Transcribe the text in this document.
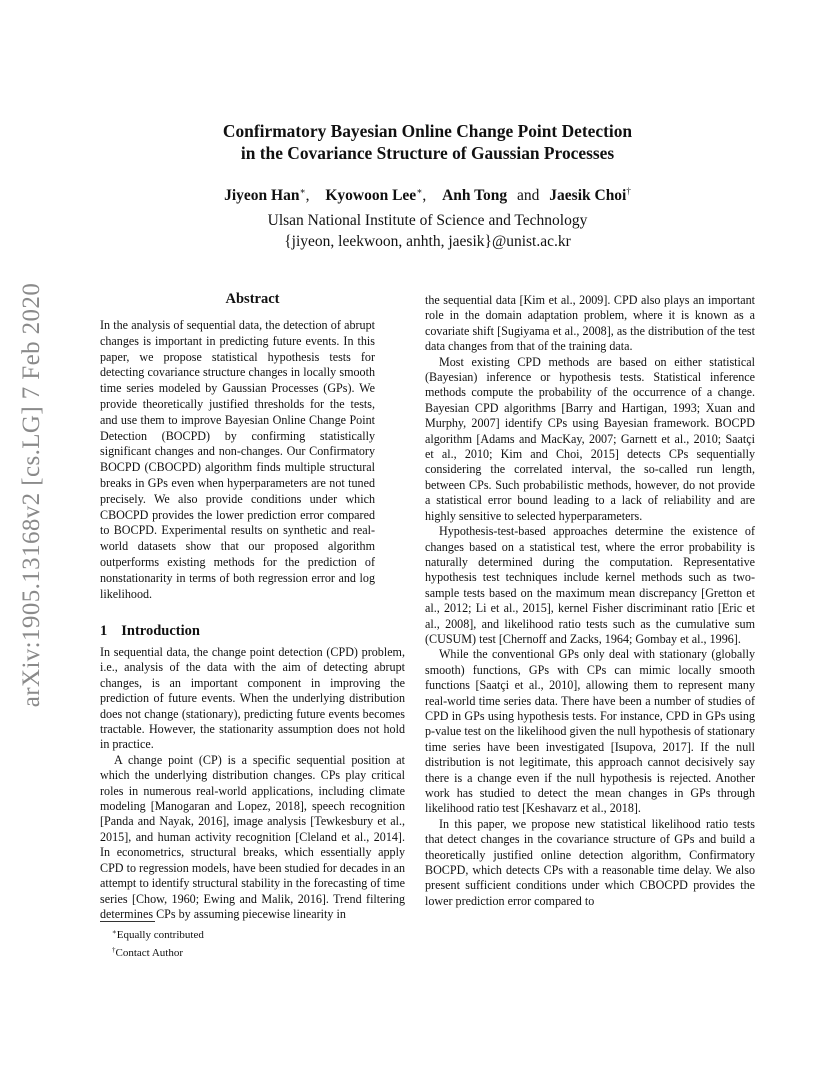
arXiv:1905.13168v2 [cs.LG] 7 Feb 2020
Confirmatory Bayesian Online Change Point Detection
in the Covariance Structure of Gaussian Processes
Jiyeon Han∗, Kyowoon Lee∗, Anh Tong and Jaesik Choi†
Ulsan National Institute of Science and Technology
{jiyeon, leekwoon, anhth, jaesik}@unist.ac.kr
Abstract
In the analysis of sequential data, the detection of abrupt changes is important in predicting future events. In this paper, we propose statistical hypothesis tests for detecting covariance structure changes in locally smooth time series modeled by Gaussian Processes (GPs). We provide theoretically justified thresholds for the tests, and use them to improve Bayesian Online Change Point Detection (BOCPD) by confirming statistically significant changes and non-changes. Our Confirmatory BOCPD (CBOCPD) algorithm finds multiple structural breaks in GPs even when hyperparameters are not tuned precisely. We also provide conditions under which CBOCPD provides the lower prediction error compared to BOCPD. Experimental results on synthetic and real-world datasets show that our proposed algorithm outperforms existing methods for the prediction of nonstationarity in terms of both regression error and log likelihood.
1 Introduction

In sequential data, the change point detection (CPD) problem, i.e., analysis of the data with the aim of detecting abrupt changes, is an important component in improving the prediction of future events. When the underlying distribution does not change (stationary), predicting future events becomes tractable. However, the stationarity assumption does not hold in practice.

A change point (CP) is a specific sequential position at which the underlying distribution changes. CPs play critical roles in numerous real-world applications, including climate modeling [Manogaran and Lopez, 2018], speech recognition [Panda and Nayak, 2016], image analysis [Tewkesbury et al., 2015], and human activity recognition [Cleland et al., 2014]. In econometrics, structural breaks, which essentially apply CPD to regression models, have been studied for decades in an attempt to identify structural stability in the forecasting of time series [Chow, 1960; Ewing and Malik, 2016]. Trend filtering determines CPs by assuming piecewise linearity in

∗Equally contributed
†Contact Author

the sequential data [Kim et al., 2009]. CPD also plays an important role in the domain adaptation problem, where it is known as a covariate shift [Sugiyama et al., 2008], as the distribution of the test data changes from that of the training data.

Most existing CPD methods are based on either statistical (Bayesian) inference or hypothesis tests. Statistical inference methods compute the probability of the occurrence of a change. Bayesian CPD algorithms [Barry and Hartigan, 1993; Xuan and Murphy, 2007] identify CPs using Bayesian framework. BOCPD algorithm [Adams and MacKay, 2007; Garnett et al., 2010; Saatçi et al., 2010; Kim and Choi, 2015] detects CPs sequentially considering the correlated interval, the so-called run length, between CPs. Such probabilistic methods, however, do not provide a statistical error bound leading to a lack of reliability and are highly sensitive to selected hyperparameters.

Hypothesis-test-based approaches determine the existence of changes based on a statistical test, where the error probability is naturally determined during the computation. Representative hypothesis test techniques include kernel methods such as two-sample tests based on the maximum mean discrepancy [Gretton et al., 2012; Li et al., 2015], kernel Fisher discriminant ratio [Eric et al., 2008], and likelihood ratio tests such as the cumulative sum (CUSUM) test [Chernoff and Zacks, 1964; Gombay et al., 1996].

While the conventional GPs only deal with stationary (globally smooth) functions, GPs with CPs can mimic locally smooth functions [Saatçi et al., 2010], allowing them to represent many real-world time series data. There have been a number of studies of CPD in GPs using hypothesis tests. For instance, CPD in GPs using p-value test on the likelihood given the null hypothesis of stationary time series have been investigated [Isupova, 2017]. If the null distribution is not legitimate, this approach cannot decisively say there is a change even if the null hypothesis is rejected. Another work has studied to detect the mean changes in GPs through likelihood ratio test [Keshavarz et al., 2018].

In this paper, we propose new statistical likelihood ratio tests that detect changes in the covariance structure of GPs and build a theoretically justified online detection algorithm, Confirmatory BOCPD, which detects CPs with a reasonable time delay. We also present sufficient conditions under which CBOCPD provides the lower prediction error compared to
